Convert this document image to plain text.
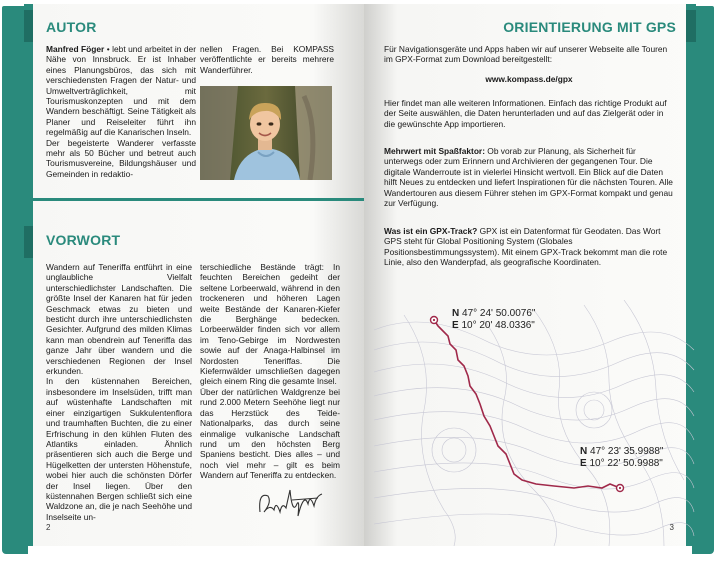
AUTOR

Manfred Föger • lebt und arbeitet in der Nähe von Innsbruck. Er ist Inhaber eines Planungsbüros, das sich mit verschiedensten Fragen der Natur- und Umweltverträglichkeit, mit Tourismuskonzepten und mit dem Wandern beschäftigt. Seine Tätigkeit als Planer und Reiseleiter führt ihn regelmäßig auf die Kanarischen Inseln.

Der begeisterte Wanderer verfasste mehr als 50 Bücher und betreut auch Tourismusvereine, Bildungshäuser und Gemeinden in redaktio-

nellen Fragen. Bei KOMPASS veröffentlichte er bereits mehrere Wanderführer.
VORWORT

Wandern auf Teneriffa entführt in eine unglaubliche Vielfalt unterschiedlichster Landschaften. Die größte Insel der Kanaren hat für jeden Geschmack etwas zu bieten und besticht durch ihre unterschiedlichsten Gesichter. Aufgrund des milden Klimas kann man obendrein auf Teneriffa das ganze Jahr über wandern und die verschiedenen Regionen der Insel erkunden.

In den küstennahen Bereichen, insbesondere im Inselsüden, trifft man auf wüstenhafte Landschaften mit einer einzigartigen Sukkulentenflora und traumhaften Buchten, die zu einer Erfrischung in den kühlen Fluten des Atlantiks einladen. Ähnlich präsentieren sich auch die Berge und Hügelketten der untersten Höhenstufe, wobei hier auch die schönsten Dörfer der Insel liegen. Über den küstennahen Bergen schließt sich eine Waldzone an, die je nach Seehöhe und Inselseite un-

terschiedliche Bestände trägt: In feuchten Bereichen gedeiht der seltene Lorbeerwald, während in den trockeneren und höheren Lagen weite Bestände der Kanaren-Kiefer die Berghänge bedecken. Lorbeerwälder finden sich vor allem im Teno-Gebirge im Nordwesten sowie auf der Anaga-Halbinsel im Nordosten Teneriffas. Die Kiefernwälder umschließen dagegen gleich einem Ring die gesamte Insel.

Über der natürlichen Waldgrenze bei rund 2.000 Metern Seehöhe liegt nur das Herzstück des Teide-Nationalparks, das durch seine einmalige vulkanische Landschaft rund um den höchsten Berg Spaniens besticht. Dies alles – und noch viel mehr – gilt es beim Wandern auf Teneriffa zu entdecken.

2
ORIENTIERUNG MIT GPS
Für Navigationsgeräte und Apps haben wir auf unserer Webseite alle Touren im GPX-Format zum Download bereitgestellt:
www.kompass.de/gpx
Hier findet man alle weiteren Informationen. Einfach das richtige Produkt auf der Seite auswählen, die Daten herunterladen und auf das Zielgerät oder in die gewünschte App importieren.
Mehrwert mit Spaßfaktor: Ob vorab zur Planung, als Sicherheit für unterwegs oder zum Erinnern und Archivieren der gegangenen Tour. Die digitale Wanderroute ist in vielerlei Hinsicht wertvoll. Ein Blick auf die Daten hilft Neues zu entdecken und liefert Inspirationen für die nächsten Touren. Alle Wandertouren aus diesem Führer stehen im GPX-Format kompakt und genau zur Verfügung.
Was ist ein GPX-Track? GPX ist ein Datenformat für Geodaten. Das Wort GPS steht für Global Positioning System (Globales Positionsbestimmungssystem). Mit einem GPX-Track bekommt man die rote Linie, also den Wanderpfad, als geografische Koordinaten.
N 47° 24' 50.0076"
E 10° 20' 48.0336"
N 47° 23' 35.9988"
E 10° 22' 50.9988"
3
